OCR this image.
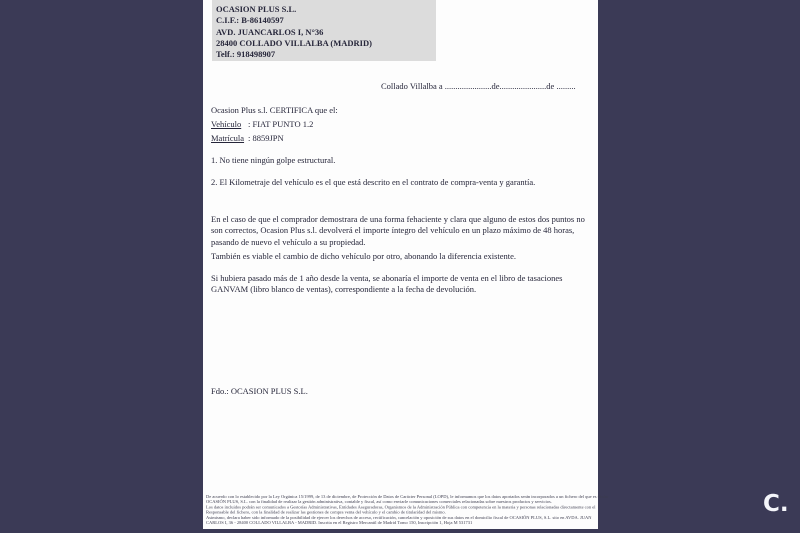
OCASION PLUS S.L.
C.I.F.: B-86140597
AVD. JUANCARLOS I, N°36
28400 COLLADO VILLALBA (MADRID)
Telf.: 918498907
Collado Villalba a ......................de......................de .........
Ocasion Plus s.l. CERTIFICA que el:
Vehículo : FIAT PUNTO 1.2
Matrícula : 8859JPN
1. No tiene ningún golpe estructural.
2. El Kilometraje del vehículo es el que está descrito en el contrato de compra-venta y garantía.
En el caso de que el comprador demostrara de una forma fehaciente y clara que alguno de estos dos puntos no son correctos, Ocasion Plus s.l. devolverá el importe íntegro del vehículo en un plazo máximo de 48 horas, pasando de nuevo el vehículo a su propiedad.
También es viable el cambio de dicho vehículo por otro, abonando la diferencia existente.
Si hubiera pasado más de 1 año desde la venta, se abonaría el importe de venta en el libro de tasaciones GANVAM (libro blanco de ventas), correspondiente a la fecha de devolución.
Fdo.: OCASION PLUS S.L.
De acuerdo con lo establecido por la Ley Orgánica 15/1999, de 13 de diciembre, de Protección de Datos de Carácter Personal (LOPD), le informamos que los datos aportados serán incorporados a un fichero del que es titular
OCASIÓN PLUS, S.L. con la finalidad de realizar la gestión administrativa, contable y fiscal, así como enviarle comunicaciones comerciales relacionadas sobre nuestros productos y servicios.
Los datos incluidos podrán ser comunicados a Gestorías Administrativas, Entidades Aseguradoras, Organismos de la Administración Pública con competencia en la materia y personas relacionadas directamente con el
Responsable del fichero, con la finalidad de realizar las gestiones de compra venta del vehículo y el cambio de titularidad del mismo.
Asimismo, declara haber sido informado de la posibilidad de ejercer los derechos de acceso, rectificación, cancelación y oposición de sus datos en el domicilio fiscal de OCASIÓN PLUS, S.L. sito en AVDA. JUAN
CARLOS I, 36 - 28400 COLLADO VILLALBA - MADRID. Inscrita en el Registro Mercantil de Madrid Tomo 150, Inscripción 1, Hoja M 531731
C.
